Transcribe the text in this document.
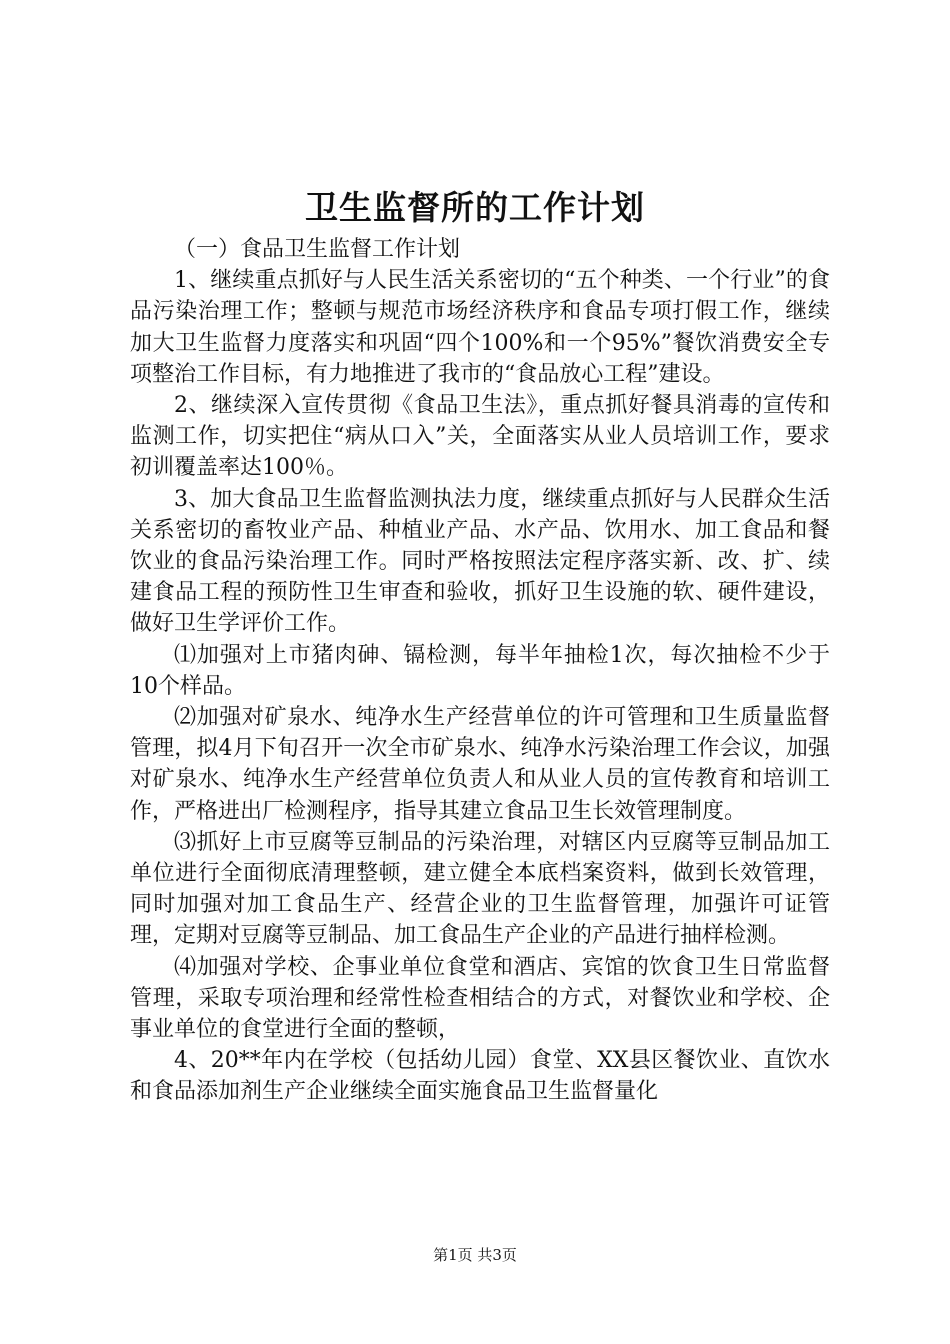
卫生监督所的工作计划

（一）食品卫生监督工作计划

1、继续重点抓好与人民生活关系密切的“五个种类、一个行业”的食品污染治理工作；整顿与规范市场经济秩序和食品专项打假工作，继续加大卫生监督力度落实和巩固“四个100%和一个95%”餐饮消费安全专项整治工作目标，有力地推进了我市的“食品放心工程”建设。

2、继续深入宣传贯彻《食品卫生法》，重点抓好餐具消毒的宣传和监测工作，切实把住“病从口入”关，全面落实从业人员培训工作，要求初训覆盖率达100％。

3、加大食品卫生监督监测执法力度，继续重点抓好与人民群众生活关系密切的畜牧业产品、种植业产品、水产品、饮用水、加工食品和餐饮业的食品污染治理工作。同时严格按照法定程序落实新、改、扩、续建食品工程的预防性卫生审查和验收，抓好卫生设施的软、硬件建设，做好卫生学评价工作。

⑴加强对上市猪肉砷、镉检测，每半年抽检1次，每次抽检不少于10个样品。

⑵加强对矿泉水、纯净水生产经营单位的许可管理和卫生质量监督管理，拟4月下旬召开一次全市矿泉水、纯净水污染治理工作会议，加强对矿泉水、纯净水生产经营单位负责人和从业人员的宣传教育和培训工作，严格进出厂检测程序，指导其建立食品卫生长效管理制度。

⑶抓好上市豆腐等豆制品的污染治理，对辖区内豆腐等豆制品加工单位进行全面彻底清理整顿，建立健全本底档案资料，做到长效管理，同时加强对加工食品生产、经营企业的卫生监督管理，加强许可证管理，定期对豆腐等豆制品、加工食品生产企业的产品进行抽样检测。

⑷加强对学校、企事业单位食堂和酒店、宾馆的饮食卫生日常监督管理，采取专项治理和经常性检查相结合的方式，对餐饮业和学校、企事业单位的食堂进行全面的整顿，

4、20**年内在学校（包括幼儿园）食堂、XX县区餐饮业、直饮水和食品添加剂生产企业继续全面实施食品卫生监督量化

第1页 共3页
